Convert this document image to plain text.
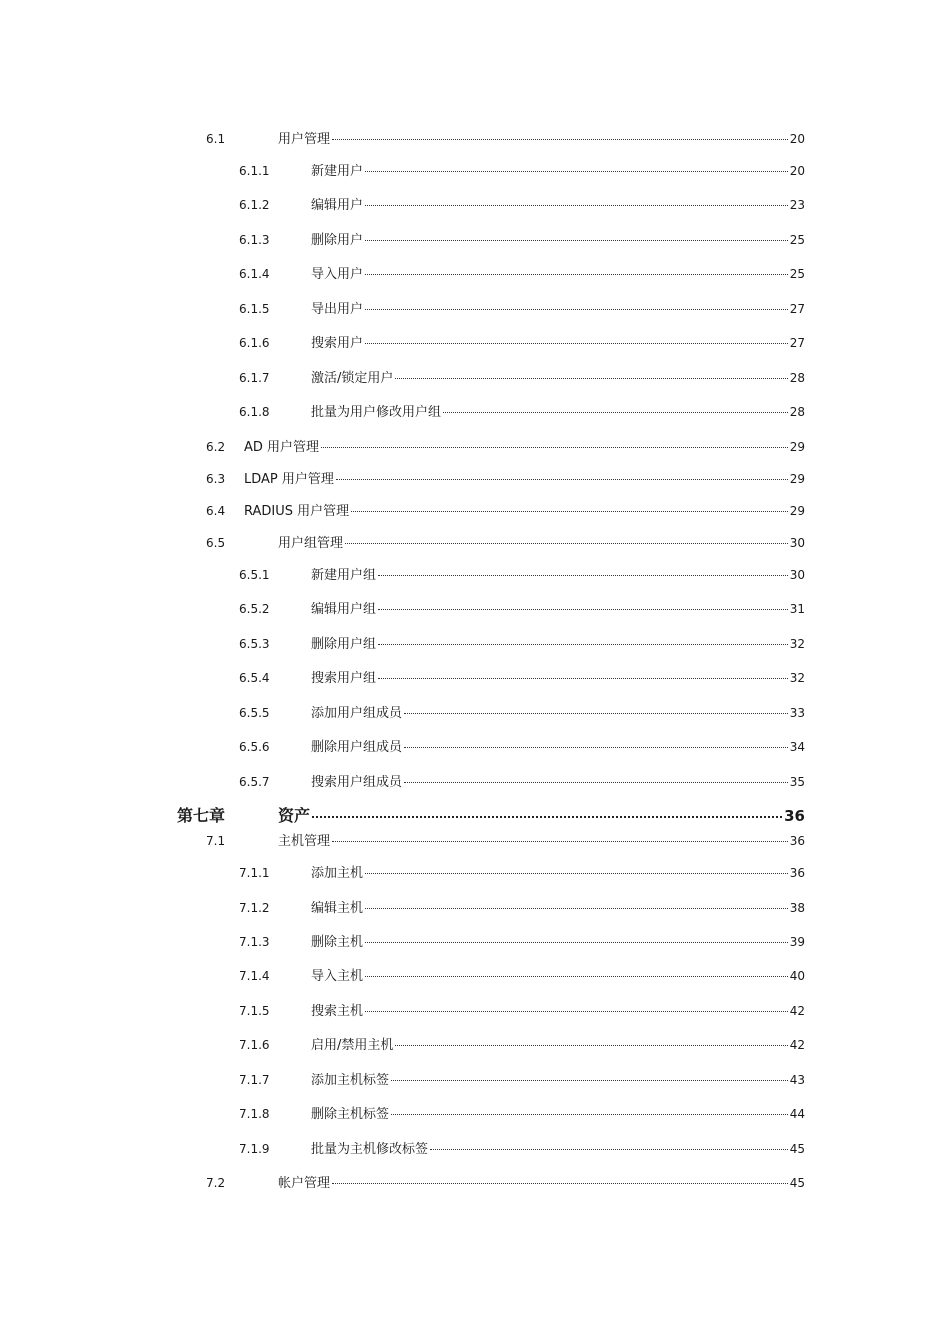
6.1	用户管理	20
6.1.1	新建用户	20
6.1.2	编辑用户	23
6.1.3	删除用户	25
6.1.4	导入用户	25
6.1.5	导出用户	27
6.1.6	搜索用户	27
6.1.7	激活/锁定用户	28
6.1.8	批量为用户修改用户组	28
6.2	AD 用户管理	29
6.3	LDAP 用户管理	29
6.4	RADIUS 用户管理	29
6.5	用户组管理	30
6.5.1	新建用户组	30
6.5.2	编辑用户组	31
6.5.3	删除用户组	32
6.5.4	搜索用户组	32
6.5.5	添加用户组成员	33
6.5.6	删除用户组成员	34
6.5.7	搜索用户组成员	35
第七章	资产	36
7.1	主机管理	36
7.1.1	添加主机	36
7.1.2	编辑主机	38
7.1.3	删除主机	39
7.1.4	导入主机	40
7.1.5	搜索主机	42
7.1.6	启用/禁用主机	42
7.1.7	添加主机标签	43
7.1.8	删除主机标签	44
7.1.9	批量为主机修改标签	45
7.2	帐户管理	45
